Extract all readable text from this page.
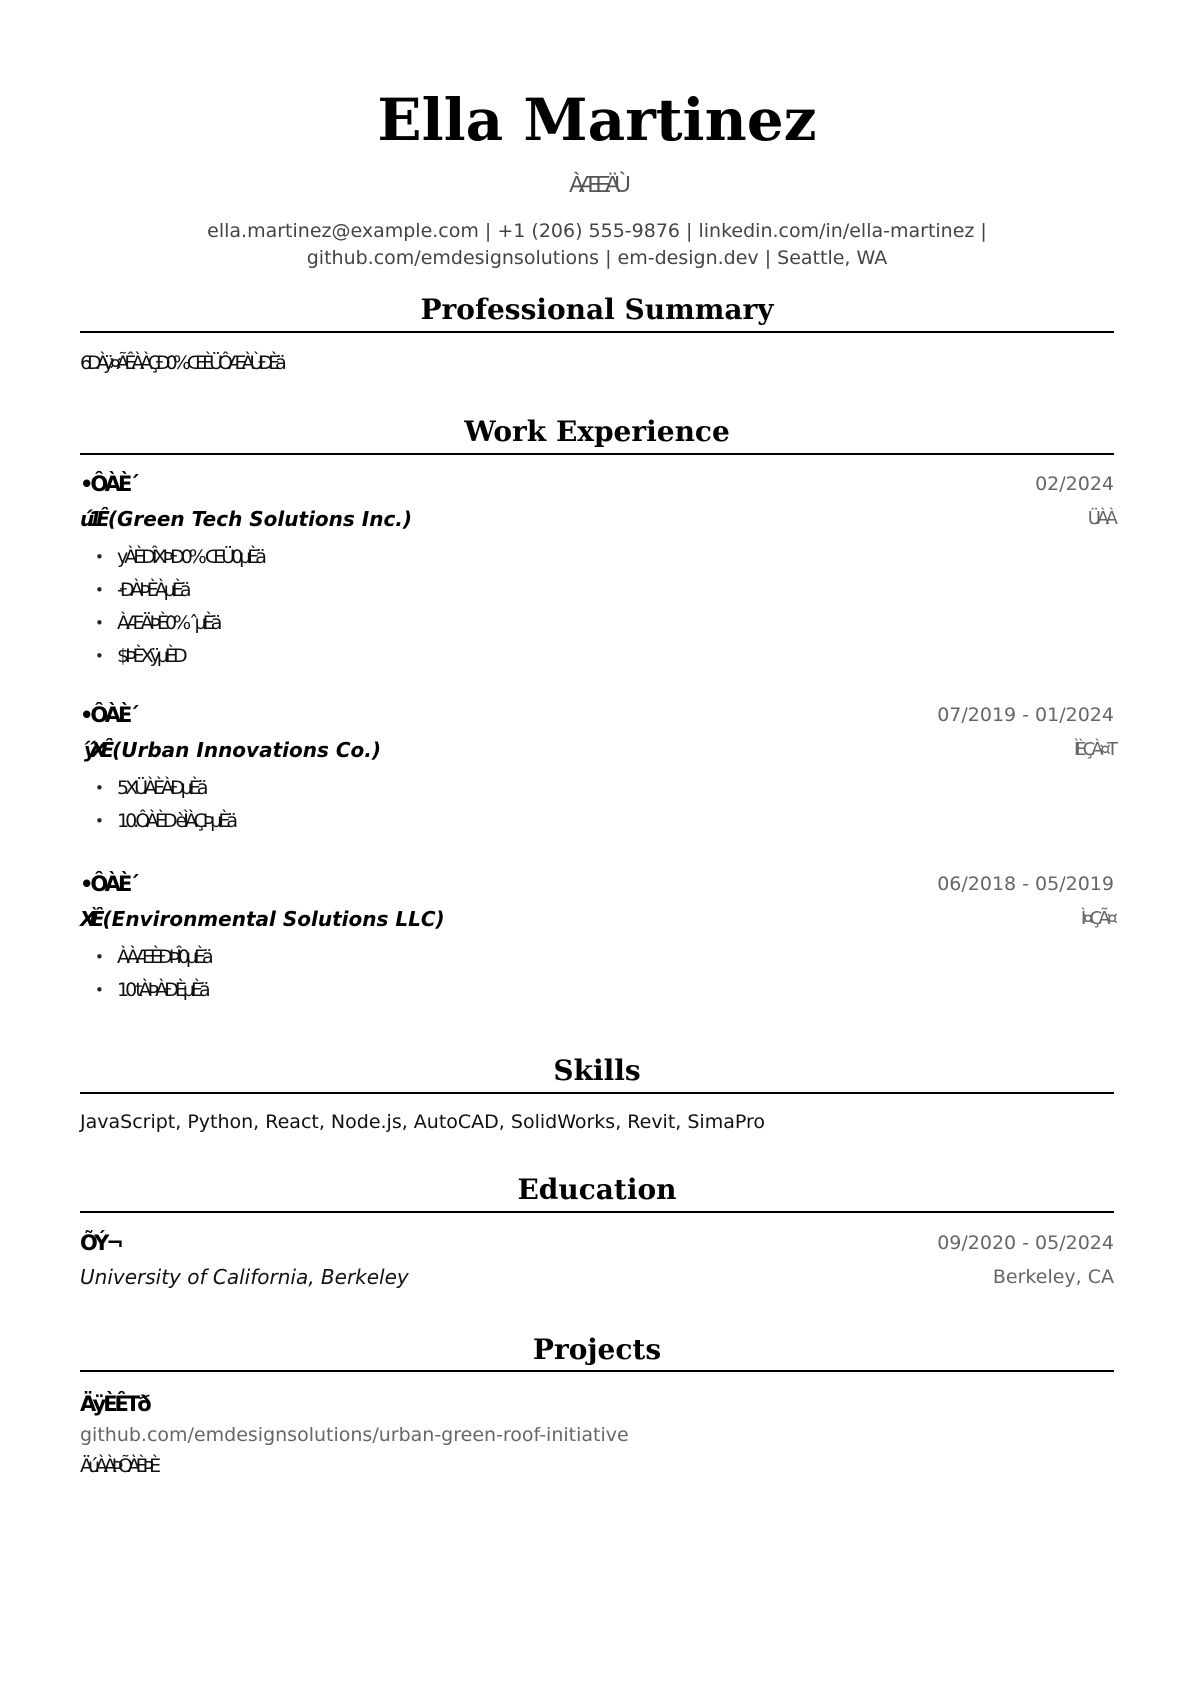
Ella Martinez
ÀÆEÄÙ
ella.martinez@example.com | +1 (206) 555-9876 | linkedin.com/in/ella-martinez |
github.com/emdesignsolutions | em-design.dev | Seattle, WA
Professional Summary
6DÀÿ¤ÃÊÀÀÇÐ0% ŒÈÜÔÆÀÙÐÈä
Work Experience
•ÔÀÈ´	02/2024
ú1Ê (Green Tech Solutions Inc.)	ÜÀÀ
• yÀÈDÎXÞÐ0% ŒÜ0µÈä
• -ÐÀÞÈÀµÈä
• ÀÆÄÞÈ0% ˆµÈä
• $ÞÈXÿµÈD
•ÔÀÈ´	07/2019 - 01/2024
´ýXÊ (Urban Innovations Co.)	ÌÈÇÀ¤T
• 5XÜÀÈÀÐµÈä
• 10.ÔÀÈD èÌÀÇÞµÈä
•ÔÀÈ´	06/2018 - 05/2019
XÌÊ (Environmental Solutions LLC)	Ì¤ÇÃ¤
• ÀÀÆÈÐÞÎ0µÈä
• 10 tÀÞÀÐÈµÈä
Skills
JavaScript, Python, React, Node.js, AutoCAD, SolidWorks, Revit, SimaPro
Education
ÕÝ¬	09/2020 - 05/2024
University of California, Berkeley	Berkeley, CA
Projects
ÄÿÈÊTð
github.com/emdesignsolutions/urban-green-roof-initiative
ÄúÀÀÞÕÀÈÞÈ
